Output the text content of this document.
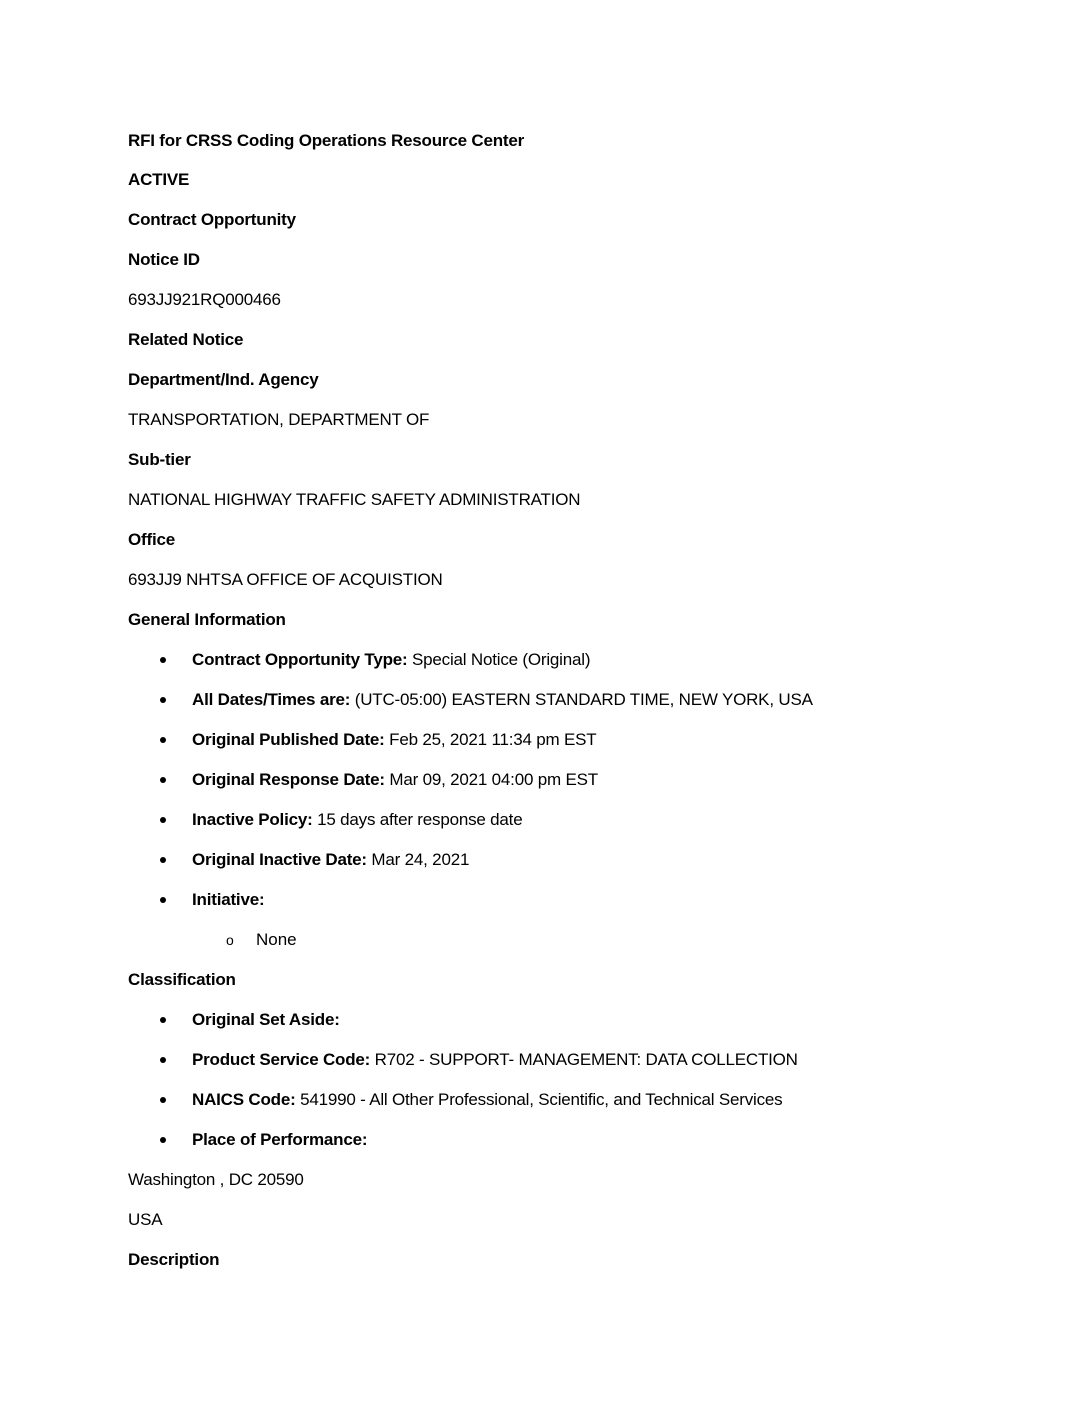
RFI for CRSS Coding Operations Resource Center
ACTIVE
Contract Opportunity
Notice ID
693JJ921RQ000466
Related Notice
Department/Ind. Agency
TRANSPORTATION, DEPARTMENT OF
Sub-tier
NATIONAL HIGHWAY TRAFFIC SAFETY ADMINISTRATION
Office
693JJ9 NHTSA OFFICE OF ACQUISTION
General Information
Contract Opportunity Type: Special Notice (Original)
All Dates/Times are: (UTC-05:00) EASTERN STANDARD TIME, NEW YORK, USA
Original Published Date: Feb 25, 2021 11:34 pm EST
Original Response Date: Mar 09, 2021 04:00 pm EST
Inactive Policy: 15 days after response date
Original Inactive Date: Mar 24, 2021
Initiative:
o None
Classification
Original Set Aside:
Product Service Code: R702 - SUPPORT- MANAGEMENT: DATA COLLECTION
NAICS Code: 541990 - All Other Professional, Scientific, and Technical Services
Place of Performance:
Washington , DC 20590
USA
Description
